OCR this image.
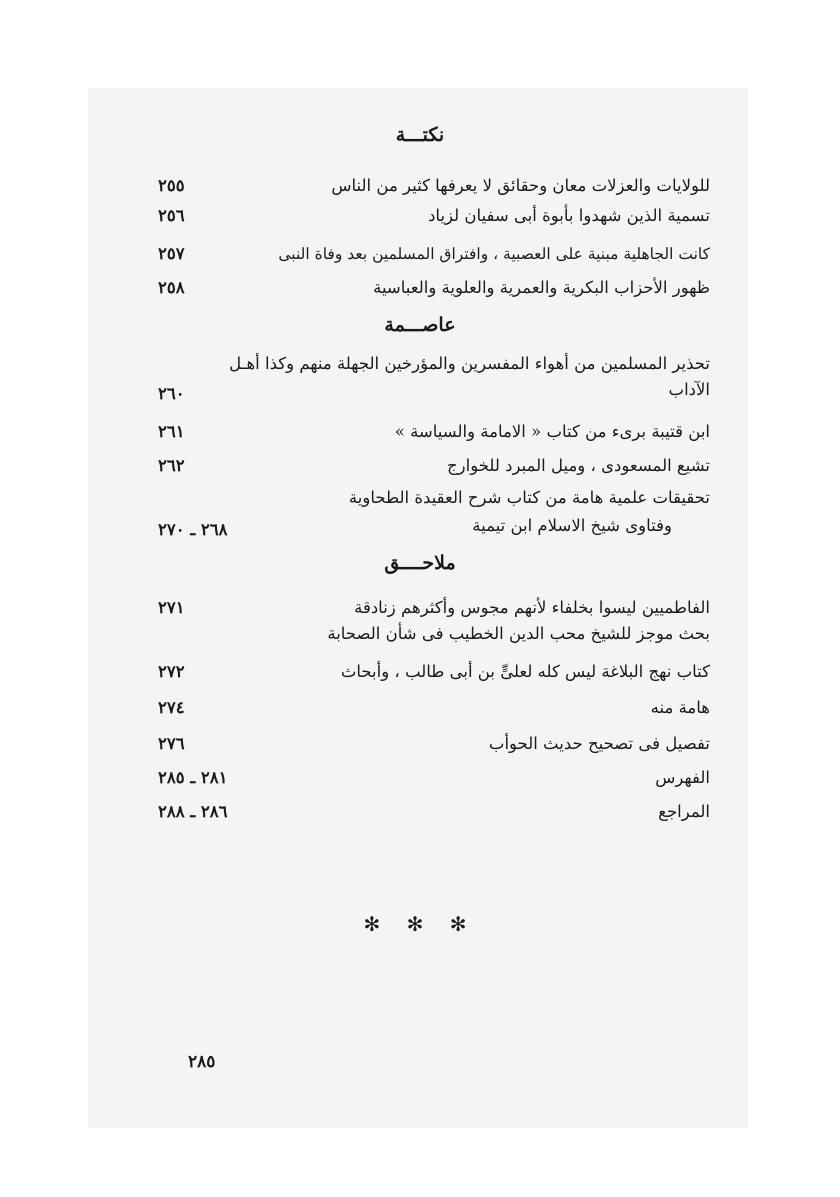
نكتـــة
للولايات والعزلات معان وحقائق لا يعرفها كثير من الناس
٢٥٥
تسمية الذين شهدوا بأبوة أبى سفيان لزياد
٢٥٦
كانت الجاهلية مبنية على العصبية ، وافتراق المسلمين بعد وفاة النبى
٢٥٧
ظهور الأحزاب البكرية والعمرية والعلوية والعباسية
٢٥٨
عاصـــمة
تحذير المسلمين من أهواء المفسرين والمؤرخين الجهلة منهم وكذا أهـل
الآداب
٢٦٠
ابن قتيبة برىء من كتاب « الامامة والسياسة »
٢٦١
تشيع المسعودى ، وميل المبرد للخوارج
٢٦٢
تحقيقات علمية هامة من كتاب شرح العقيدة الطحاوية
وفتاوى شيخ الاسلام ابن تيمية
٢٦٨ ـ ٢٧٠
ملاحــــق
الفاطميين ليسوا بخلفاء لأنهم مجوس وأكثرهم زنادقة
٢٧١
بحث موجز للشيخ محب الدين الخطيب فى شأن الصحابة
كتاب نهج البلاغة ليس كله لعلىٍّ بن أبى طالب ، وأبحاث
٢٧٢
هامة منه
٢٧٤
تفصيل فى تصحيح حديث الحوأب
٢٧٦
الفهرس
٢٨١ ـ ٢٨٥
المراجع
٢٨٦ ـ ٢٨٨
✻ ✻ ✻
٢٨٥
